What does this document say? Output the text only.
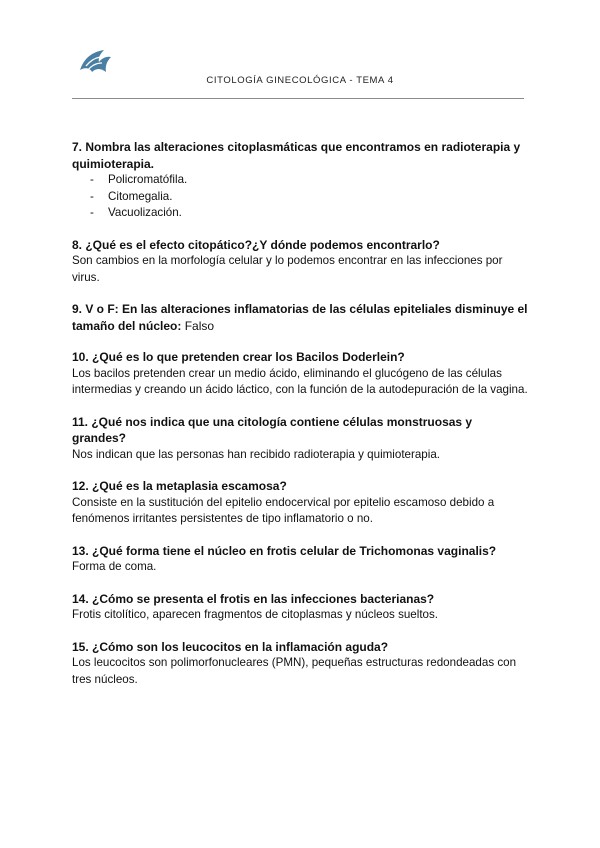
CITOLOGÍA GINECOLÓGICA - TEMA 4

7. Nombra las alteraciones citoplasmáticas que encontramos en radioterapia y quimioterapia.

- Policromatófila.
- Citomegalia.
- Vacuolización.

8. ¿Qué es el efecto citopático?¿Y dónde podemos encontrarlo?

Son cambios en la morfología celular y lo podemos encontrar en las infecciones por virus.

9. V o F: En las alteraciones inflamatorias de las células epiteliales disminuye el tamaño del núcleo: Falso

10. ¿Qué es lo que pretenden crear los Bacilos Doderlein?

Los bacilos pretenden crear un medio ácido, eliminando el glucógeno de las células intermedias y creando un ácido láctico, con la función de la autodepuración de la vagina.

11. ¿Qué nos indica que una citología contiene células monstruosas y grandes?

Nos indican que las personas han recibido radioterapia y quimioterapia.

12. ¿Qué es la metaplasia escamosa?

Consiste en la sustitución del epitelio endocervical por epitelio escamoso debido a fenómenos irritantes persistentes de tipo inflamatorio o no.

13. ¿Qué forma tiene el núcleo en frotis celular de Trichomonas vaginalis?

Forma de coma.

14. ¿Cómo se presenta el frotis en las infecciones bacterianas?

Frotis citolítico, aparecen fragmentos de citoplasmas y núcleos sueltos.

15. ¿Cómo son los leucocitos en la inflamación aguda?

Los leucocitos son polimorfonucleares (PMN), pequeñas estructuras redondeadas con tres núcleos.
